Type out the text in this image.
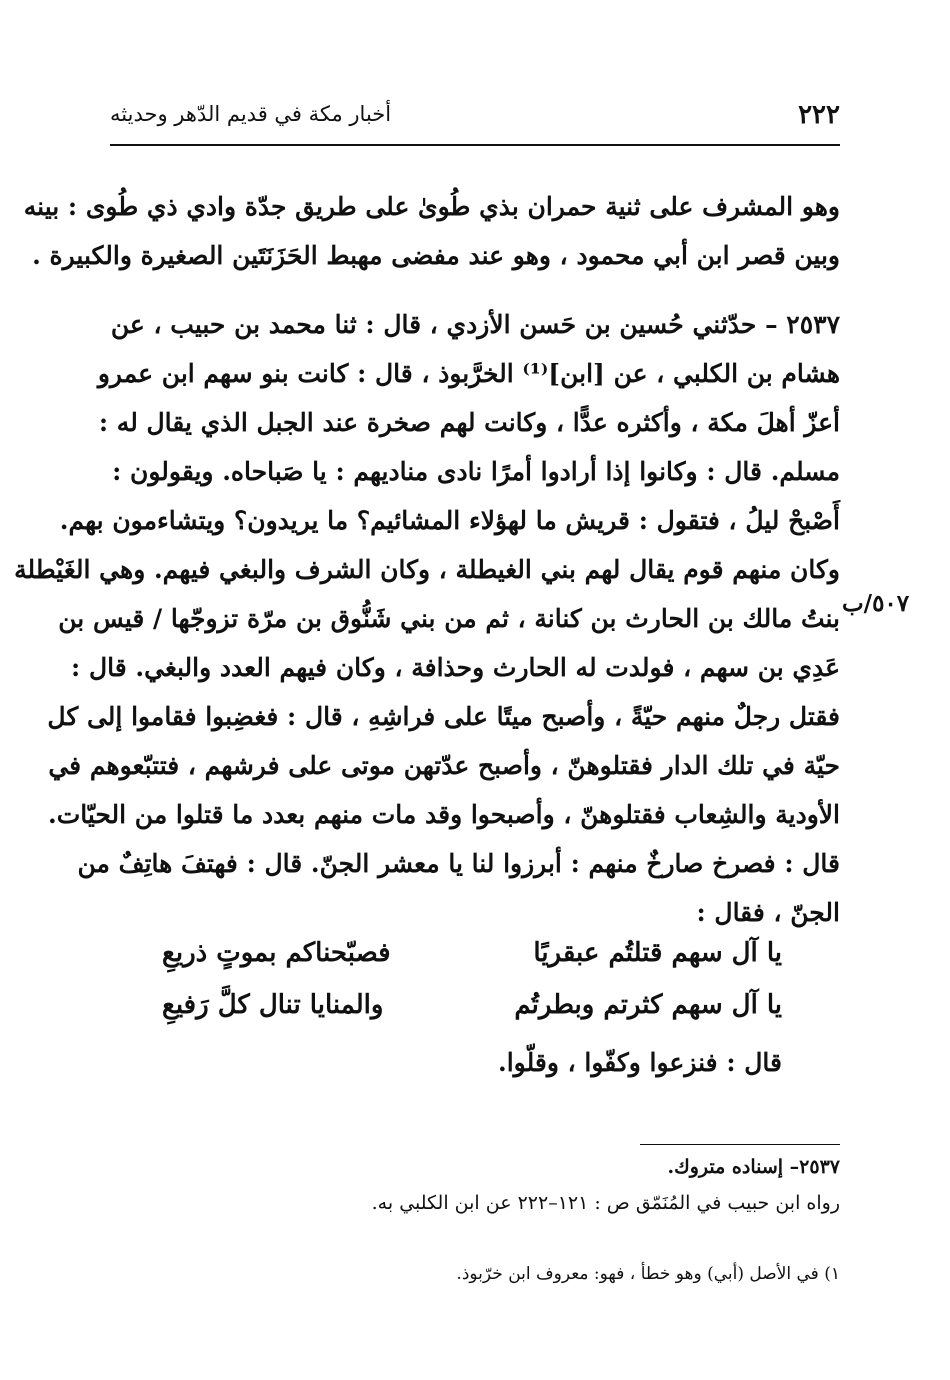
٢٢٢
أخبار مكة في قديم الدّهر وحديثه
وهو المشرف على ثنية حمران بذي طُوىٰ على طريق جدّة وادي ذي طُوى : بينه
وبين قصر ابن أبي محمود ، وهو عند مفضى مهبط الحَزَنَتَين الصغيرة والكبيرة .
٢٥٣٧ – حدّثني حُسين بن حَسن الأزدي ، قال : ثنا محمد بن حبيب ، عن
هشام بن الكلبي ، عن [ابن]⁽¹⁾ الخرَّبوذ ، قال : كانت بنو سهم ابن عمرو
أعزّ أهلَ مكة ، وأكثره عدًّا ، وكانت لهم صخرة عند الجبل الذي يقال له :
مسلم. قال : وكانوا إذا أرادوا أمرًا نادى مناديهم : يا صَباحاه. ويقولون :
أَصْبحْ ليلُ ، فتقول : قريش ما لهؤلاء المشائيم؟ ما يريدون؟ ويتشاءمون بهم.
وكان منهم قوم يقال لهم بني الغيطلة ، وكان الشرف والبغي فيهم. وهي الغَيْطلة
بنتُ مالك بن الحارث بن كنانة ، ثم من بني شَنُّوق بن مرّة تزوجّها / قيس بن
عَدِي بن سهم ، فولدت له الحارث وحذافة ، وكان فيهم العدد والبغي. قال :
فقتل رجلٌ منهم حيّةً ، وأصبح ميتًا على فراشِهِ ، قال : فغضِبوا فقاموا إلى كل
حيّة في تلك الدار فقتلوهنّ ، وأصبح عدّتهن موتى على فرشهم ، فتتبّعوهم في
الأودية والشِعاب فقتلوهنّ ، وأصبحوا وقد مات منهم بعدد ما قتلوا من الحيّات.
قال : فصرخ صارخٌ منهم : أبرزوا لنا يا معشر الجنّ. قال : فهتفَ هاتِفٌ من
الجنّ ، فقال :
٥٠٧/ب
يا آل سهم قتلتُم عبقريًا
فصبّحناكم بموتٍ ذريعِ
يا آل سهم كثرتم وبطرتُم
والمنايا تنال كلَّ رَفيعِ
قال : فنزعوا وكفّوا ، وقلّوا.
٢٥٣٧– إسناده متروك.
رواه ابن حبيب في المُنَمّق ص : ١٢١–٢٢٢ عن ابن الكلبي به.
١) في الأصل (أبي) وهو خطأ ، فهو: معروف ابن خرّبوذ.
